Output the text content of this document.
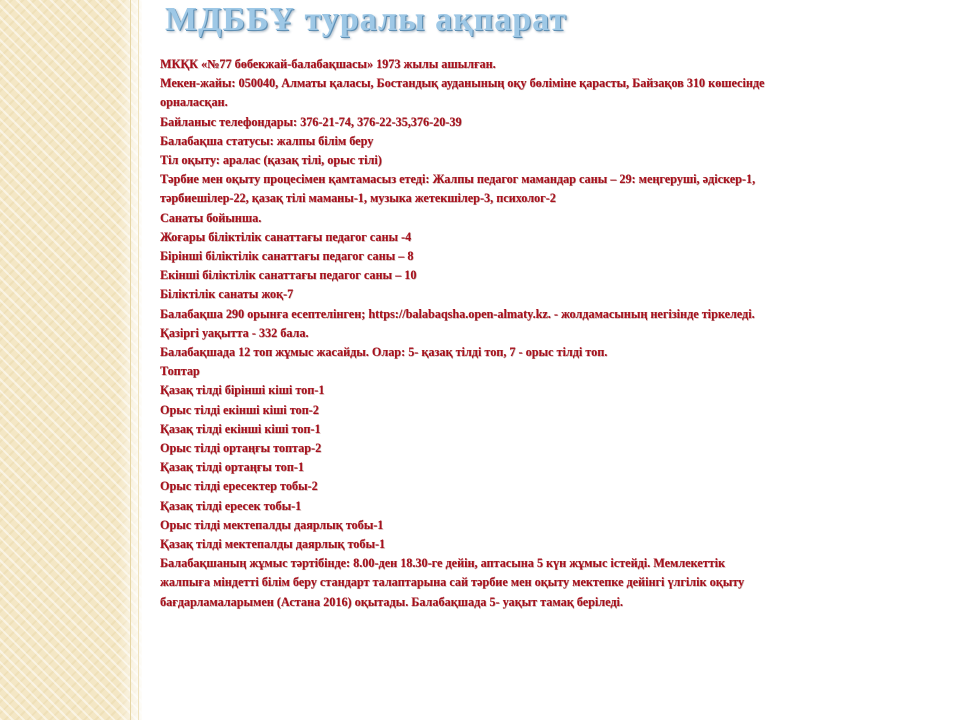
МДББҰ туралы ақпарат
МКҚК «№77 бөбекжай-балабақшасы» 1973 жылы ашылған.
Мекен-жайы: 050040, Алматы қаласы, Бостандық ауданының оқу бөліміне қарасты, Байзақов 310 көшесінде
орналасқан.
Байланыс телефондары: 376-21-74, 376-22-35,376-20-39
Балабақша статусы: жалпы білім беру
Тіл оқыту: аралас (қазақ тілі, орыс тілі)
Тәрбие мен оқыту процесімен қамтамасыз етеді: Жалпы педагог мамандар саны – 29: меңгеруші, әдіскер-1,
тәрбиешілер-22, қазақ тілі маманы-1, музыка жетекшілер-3, психолог-2
Санаты бойынша.
Жоғары біліктілік санаттағы педагог саны -4
Бірінші біліктілік санаттағы педагог саны – 8
Екінші біліктілік санаттағы педагог саны – 10
Біліктілік санаты жоқ-7
Балабақша 290 орынға есептелінген; https://balabaqsha.open-almaty.kz. - жолдамасының негізінде тіркеледі.
Қазіргі уақытта - 332 бала.
Балабақшада 12 топ жұмыс жасайды. Олар: 5- қазақ тілді топ, 7 - орыс тілді топ.
Топтар
Қазақ тілді бірінші кіші топ-1
Орыс тілді екінші кіші топ-2
Қазақ тілді екінші кіші топ-1
Орыс тілді ортаңғы топтар-2
Қазақ тілді ортаңғы топ-1
Орыс тілді ересектер тобы-2
Қазақ тілді ересек тобы-1
Орыс тілді мектепалды даярлық тобы-1
Қазақ тілді мектепалды даярлық тобы-1
Балабақшаның жұмыс тәртібінде: 8.00-ден 18.30-ге дейін, аптасына 5 күн жұмыс істейді. Мемлекеттік
жалпыға міндетті білім беру стандарт талаптарына сай тәрбие мен оқыту мектепке дейінгі үлгілік оқыту
бағдарламаларымен (Астана 2016) оқытады. Балабақшада 5- уақыт тамақ беріледі.
